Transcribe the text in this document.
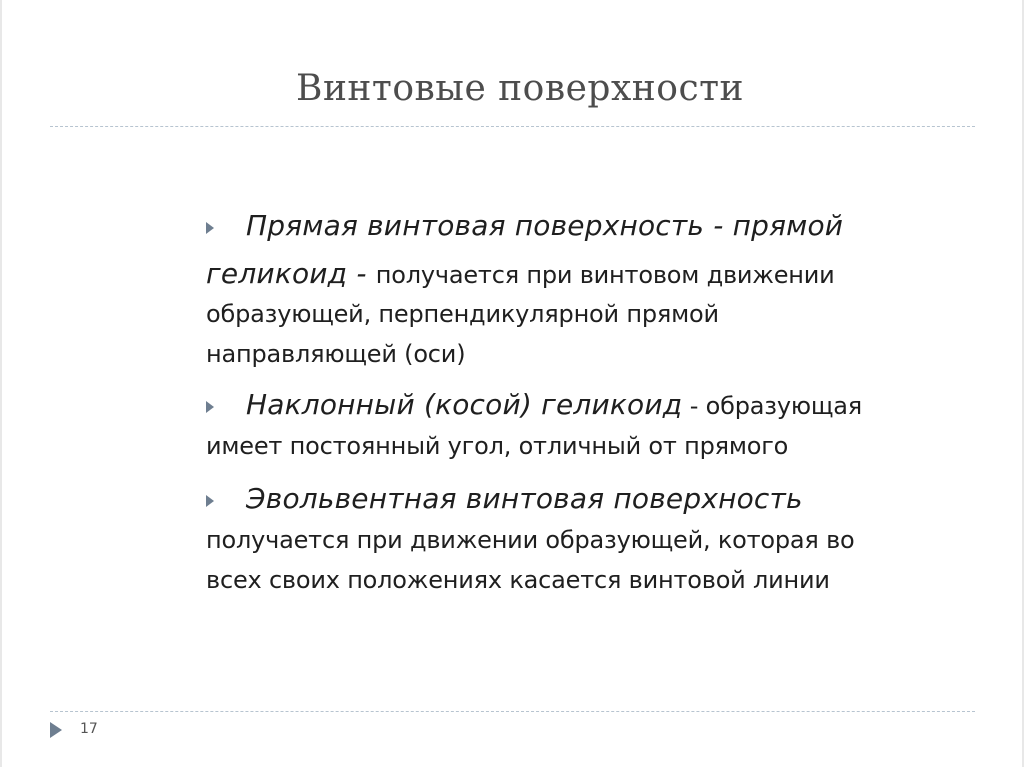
Винтовые поверхности
Прямая винтовая поверхность - прямой
геликоид - получается при винтовом движении
образующей, перпендикулярной прямой
направляющей (оси)
Наклонный (косой) геликоид - образующая
имеет постоянный угол, отличный от прямого
Эвольвентная винтовая поверхность
получается при движении образующей, которая во
всех своих положениях касается винтовой линии
17
